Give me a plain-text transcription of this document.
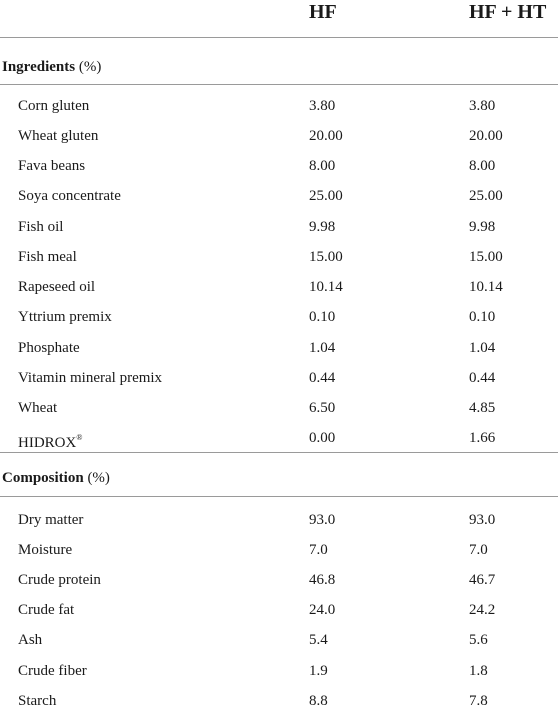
HF	HF + HT
Ingredients (%)
Corn gluten	3.80	3.80
Wheat gluten	20.00	20.00
Fava beans	8.00	8.00
Soya concentrate	25.00	25.00
Fish oil	9.98	9.98
Fish meal	15.00	15.00
Rapeseed oil	10.14	10.14
Yttrium premix	0.10	0.10
Phosphate	1.04	1.04
Vitamin mineral premix	0.44	0.44
Wheat	6.50	4.85
HIDROX®	0.00	1.66
Composition (%)
Dry matter	93.0	93.0
Moisture	7.0	7.0
Crude protein	46.8	46.7
Crude fat	24.0	24.2
Ash	5.4	5.6
Crude fiber	1.9	1.8
Starch	8.8	7.8
